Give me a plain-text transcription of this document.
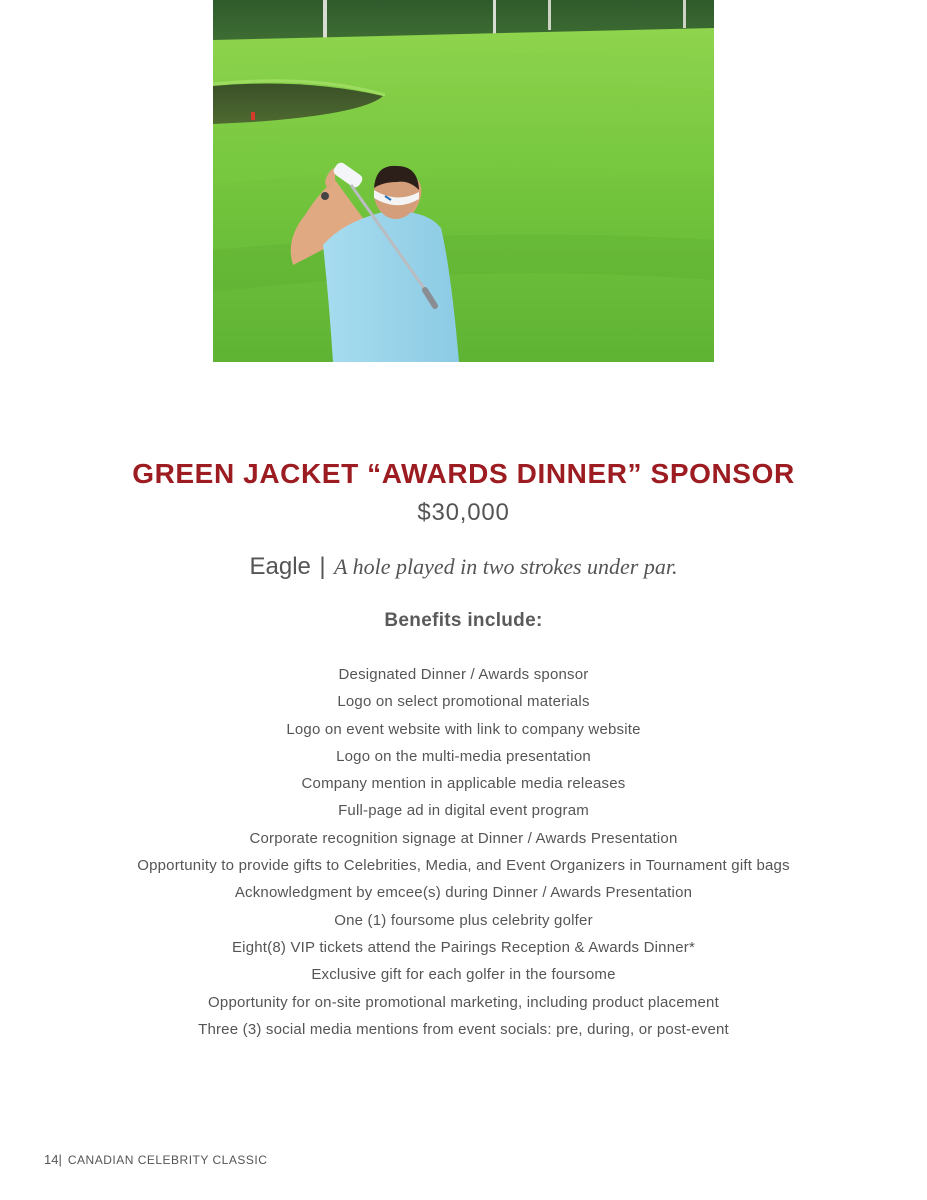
GREEN JACKET “AWARDS DINNER” SPONSOR
$30,000
Eagle | A hole played in two strokes under par.
Benefits include:
Designated Dinner / Awards sponsor
Logo on select promotional materials
Logo on event website with link to company website
Logo on the multi-media presentation
Company mention in applicable media releases
Full-page ad in digital event program
Corporate recognition signage at Dinner / Awards Presentation
Opportunity to provide gifts to Celebrities, Media, and Event Organizers in Tournament gift bags
Acknowledgment by emcee(s) during Dinner / Awards Presentation
One (1) foursome plus celebrity golfer
Eight(8) VIP tickets attend the Pairings Reception & Awards Dinner*
Exclusive gift for each golfer in the foursome
Opportunity for on-site promotional marketing, including product placement
Three (3) social media mentions from event socials: pre, during, or post-event
14| CANADIAN CELEBRITY CLASSIC
